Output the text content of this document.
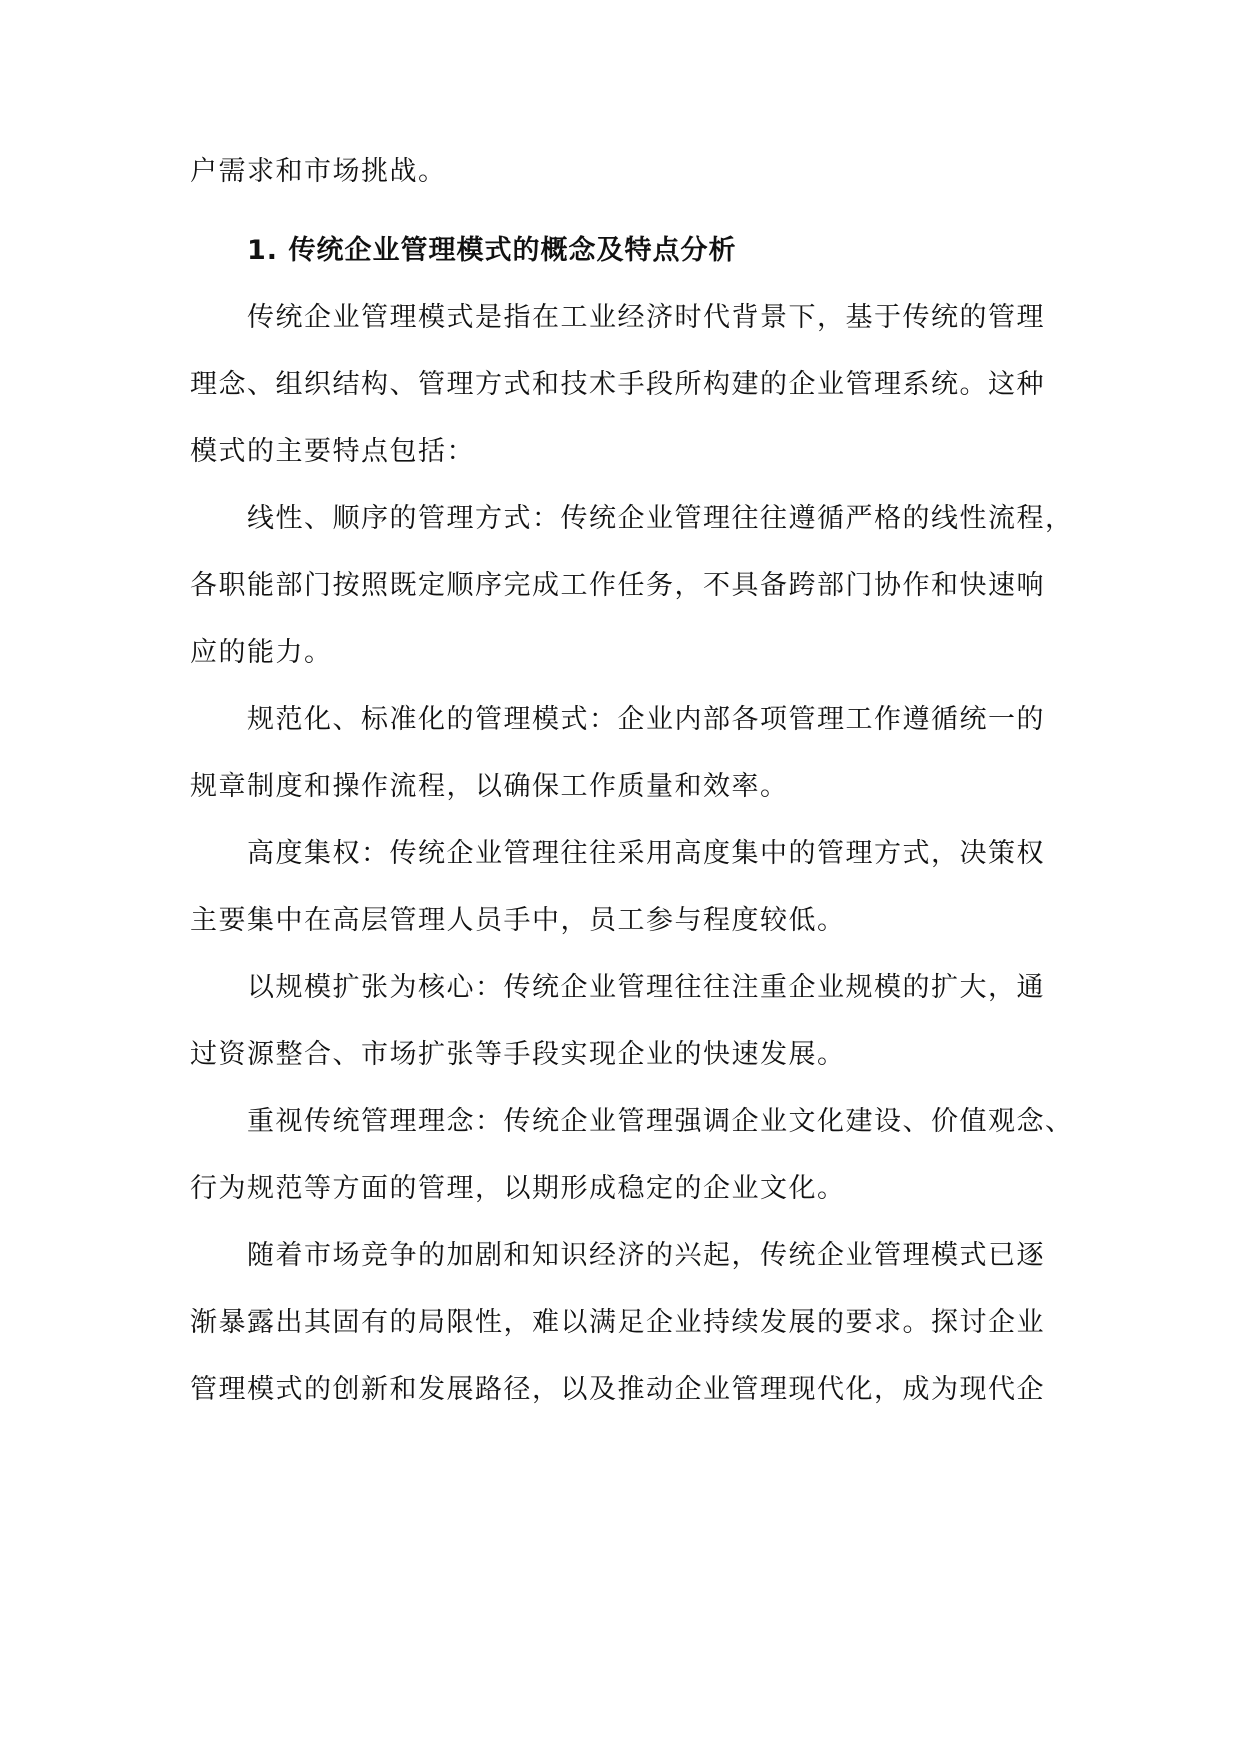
户需求和市场挑战。
1. 传统企业管理模式的概念及特点分析
传统企业管理模式是指在工业经济时代背景下，基于传统的管理
理念、组织结构、管理方式和技术手段所构建的企业管理系统。这种
模式的主要特点包括：
线性、顺序的管理方式：传统企业管理往往遵循严格的线性流程，
各职能部门按照既定顺序完成工作任务，不具备跨部门协作和快速响
应的能力。
规范化、标准化的管理模式：企业内部各项管理工作遵循统一的
规章制度和操作流程，以确保工作质量和效率。
高度集权：传统企业管理往往采用高度集中的管理方式，决策权
主要集中在高层管理人员手中，员工参与程度较低。
以规模扩张为核心：传统企业管理往往注重企业规模的扩大，通
过资源整合、市场扩张等手段实现企业的快速发展。
重视传统管理理念：传统企业管理强调企业文化建设、价值观念、
行为规范等方面的管理，以期形成稳定的企业文化。
随着市场竞争的加剧和知识经济的兴起，传统企业管理模式已逐
渐暴露出其固有的局限性，难以满足企业持续发展的要求。探讨企业
管理模式的创新和发展路径，以及推动企业管理现代化，成为现代企
